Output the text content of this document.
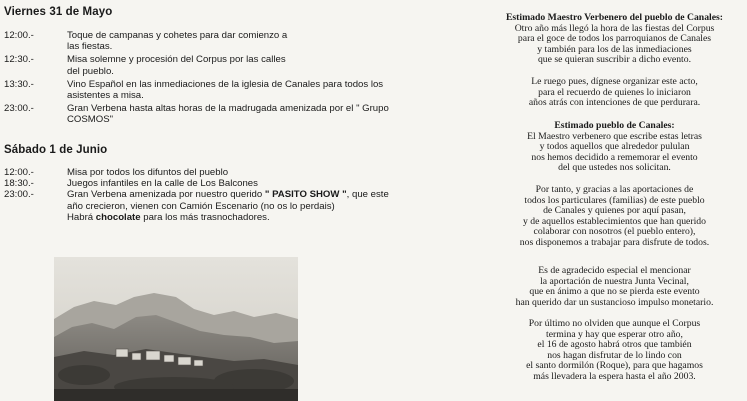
Viernes 31 de Mayo
12:00.-	Toque de campanas y cohetes para dar comienzo a
las fiestas.
12:30.-	Misa solemne y procesión del Corpus por las calles
del pueblo.
13:30.-	Vino Español en las inmediaciones de la iglesia de Canales para todos los
asistentes a misa.
23:00.-	Gran Verbena hasta altas horas de la madrugada amenizada por el " Grupo
COSMOS"
Sábado 1 de Junio
12:00.-	Misa por todos los difuntos del pueblo
18:30.-	Juegos infantiles en la calle de Los Balcones
23:00.-	Gran Verbena amenizada por nuestro querido " PASITO SHOW ", que este
año crecieron, vienen con Camión Escenario (no os lo perdais)
Habrá chocolate para los más trasnochadores.

Estimado Maestro Verbenero del pueblo de Canales:
Otro año más llegó la hora de las fiestas del Corpus
para el goce de todos los parroquianos de Canales
y también para los de las inmediaciones
que se quieran suscribir a dicho evento.

Le ruego pues, dígnese organizar este acto,
para el recuerdo de quienes lo iniciaron
años atrás con intenciones de que perdurara.

Estimado pueblo de Canales:
El Maestro verbenero que escribe estas letras
y todos aquellos que alrededor pululan
nos hemos decidido a rememorar el evento
del que ustedes nos solicitan.

Por tanto, y gracias a las aportaciones de
todos los particulares (familias) de este pueblo
de Canales y quienes por aquí pasan,
y de aquellos establecimientos que han querido
colaborar con nosotros (el pueblo entero),
nos disponemos a trabajar para disfrute de todos.

Es de agradecido especial el mencionar
la aportación de nuestra Junta Vecinal,
que en ánimo a que no se pierda este evento
han querido dar un sustancioso impulso monetario.

Por último no olviden que aunque el Corpus
termina y hay que esperar otro año,
el 16 de agosto habrá otros que también
nos hagan disfrutar de lo lindo con
el santo dormilón (Roque), para que hagamos
más llevadera la espera hasta el año 2003.
